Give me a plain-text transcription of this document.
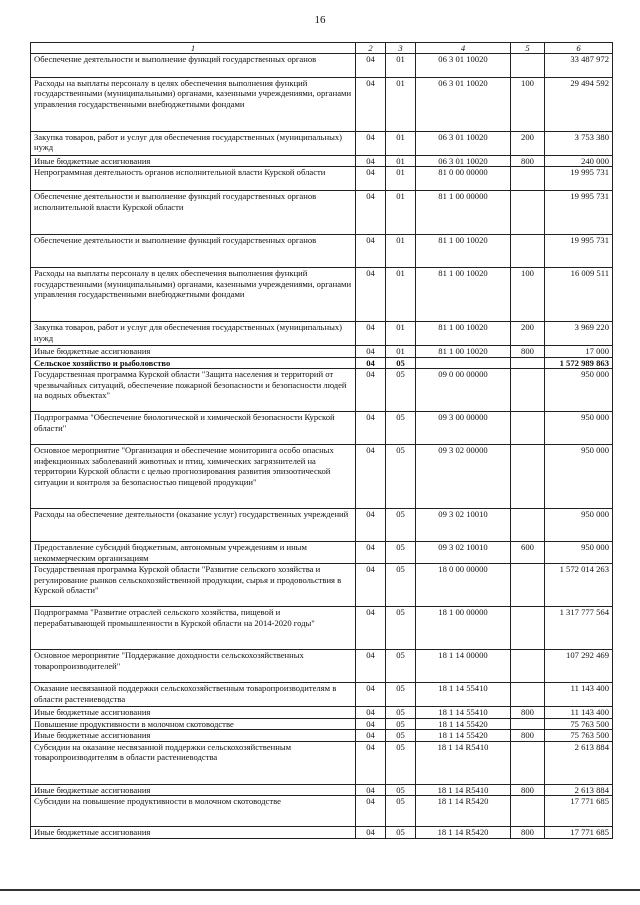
16
1	2	3	4	5	6
Обеспечение деятельности и выполнение функций государственных органов	04	01	06 3 01 10020		33 487 972
Расходы на выплаты персоналу в целях обеспечения выполнения функций государственными (муниципальными) органами, казенными учреждениями, органами управления государственными внебюджетными фондами	04	01	06 3 01 10020	100	29 494 592
Закупка товаров, работ и услуг для обеспечения государственных (муниципальных) нужд	04	01	06 3 01 10020	200	3 753 380
Иные бюджетные ассигнования	04	01	06 3 01 10020	800	240 000
Непрограммная деятельность органов исполнительной власти Курской области	04	01	81 0 00 00000		19 995 731
Обеспечение деятельности и выполнение функций государственных органов исполнительной власти Курской области	04	01	81 1 00 00000		19 995 731
Обеспечение деятельности и выполнение функций государственных органов	04	01	81 1 00 10020		19 995 731
Расходы на выплаты персоналу в целях обеспечения выполнения функций государственными (муниципальными) органами, казенными учреждениями, органами управления государственными внебюджетными фондами	04	01	81 1 00 10020	100	16 009 511
Закупка товаров, работ и услуг для обеспечения государственных (муниципальных) нужд	04	01	81 1 00 10020	200	3 969 220
Иные бюджетные ассигнования	04	01	81 1 00 10020	800	17 000
Сельское хозяйство и рыболовство	04	05			1 572 989 863
Государственная программа Курской области "Защита населения и территорий от чрезвычайных ситуаций, обеспечение пожарной безопасности и безопасности людей на водных объектах"	04	05	09 0 00 00000		950 000
Подпрограмма "Обеспечение биологической и химической безопасности Курской области"	04	05	09 3 00 00000		950 000
Основное мероприятие "Организация и обеспечение мониторинга особо опасных инфекционных заболеваний животных и птиц, химических загрязнителей на территории Курской области с целью прогнозирования развития эпизоотической ситуации и контроля за безопасностью пищевой продукции"	04	05	09 3 02 00000		950 000
Расходы на обеспечение деятельности (оказание услуг) государственных учреждений	04	05	09 3 02 10010		950 000
Предоставление субсидий бюджетным, автономным учреждениям и иным некоммерческим организациям	04	05	09 3 02 10010	600	950 000
Государственная программа Курской области "Развитие сельского хозяйства и регулирование рынков сельскохозяйственной продукции, сырья и продовольствия в Курской области"	04	05	18 0 00 00000		1 572 014 263
Подпрограмма "Развитие отраслей сельского хозяйства, пищевой и перерабатывающей промышленности в Курской области на 2014-2020 годы"	04	05	18 1 00 00000		1 317 777 564
Основное мероприятие "Поддержание доходности сельскохозяйственных товаропроизводителей"	04	05	18 1 14 00000		107 292 469
Оказание несвязанной поддержки сельскохозяйственным товаропроизводителям в области растениеводства	04	05	18 1 14 55410		11 143 400
Иные бюджетные ассигнования	04	05	18 1 14 55410	800	11 143 400
Повышение продуктивности в молочном скотоводстве	04	05	18 1 14 55420		75 763 500
Иные бюджетные ассигнования	04	05	18 1 14 55420	800	75 763 500
Субсидии на оказание несвязанной поддержки сельскохозяйственным товаропроизводителям в области растениеводства	04	05	18 1 14 R5410		2 613 884
Иные бюджетные ассигнования	04	05	18 1 14 R5410	800	2 613 884
Субсидии на повышение продуктивности в молочном скотоводстве	04	05	18 1 14 R5420		17 771 685
Иные бюджетные ассигнования	04	05	18 1 14 R5420	800	17 771 685
